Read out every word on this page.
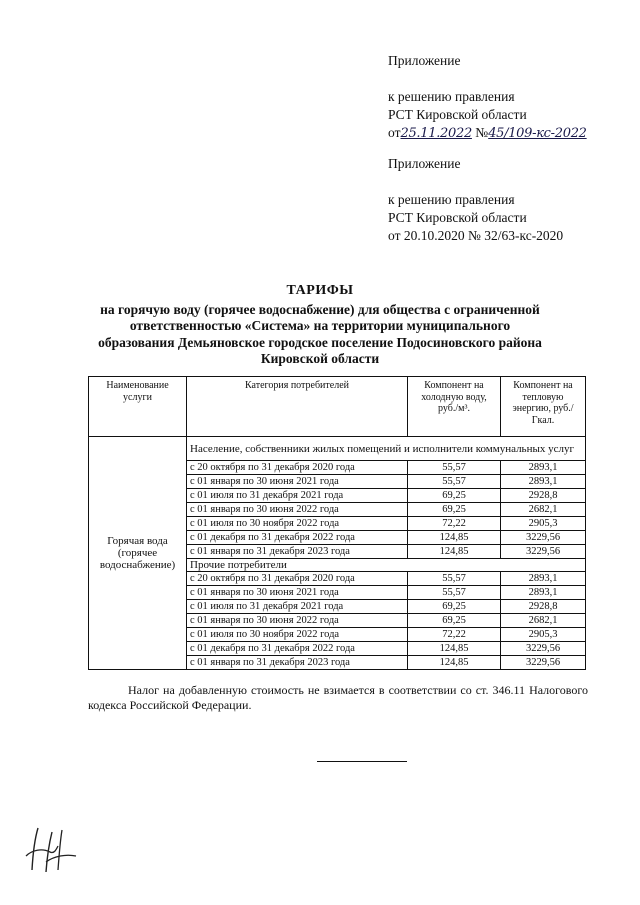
Приложение
к решению правления
РСТ Кировской области
от25.11.2022 №45/109-кс-2022
Приложение
к решению правления
РСТ Кировской области
от 20.10.2020 № 32/63-кс-2020
ТАРИФЫ
на горячую воду (горячее водоснабжение) для общества с ограниченной
ответственностью «Система» на территории муниципального
образования Демьяновское городское поселение Подосиновского района
Кировской области
Наименование услуги	Категория потребителей	Компонент на холодную воду, руб./м³.	Компонент на тепловую энергию, руб./Гкал.
Горячая вода (горячее водоснабжение)	Население, собственники жилых помещений и исполнители коммунальных услуг		
	с 20 октября по 31 декабря 2020 года	55,57	2893,1
	с 01 января по 30 июня 2021 года	55,57	2893,1
	с 01 июля по 31 декабря 2021 года	69,25	2928,8
	с 01 января по 30 июня 2022 года	69,25	2682,1
	с 01 июля по 30 ноября 2022 года	72,22	2905,3
	с 01 декабря по 31 декабря 2022 года	124,85	3229,56
	с 01 января по 31 декабря 2023 года	124,85	3229,56
	Прочие потребители		
	с 20 октября по 31 декабря 2020 года	55,57	2893,1
	с 01 января по 30 июня 2021 года	55,57	2893,1
	с 01 июля по 31 декабря 2021 года	69,25	2928,8
	с 01 января по 30 июня 2022 года	69,25	2682,1
	с 01 июля по 30 ноября 2022 года	72,22	2905,3
	с 01 декабря по 31 декабря 2022 года	124,85	3229,56
	с 01 января по 31 декабря 2023 года	124,85	3229,56
Налог на добавленную стоимость не взимается в соответствии со ст. 346.11 Налогового кодекса Российской Федерации.
